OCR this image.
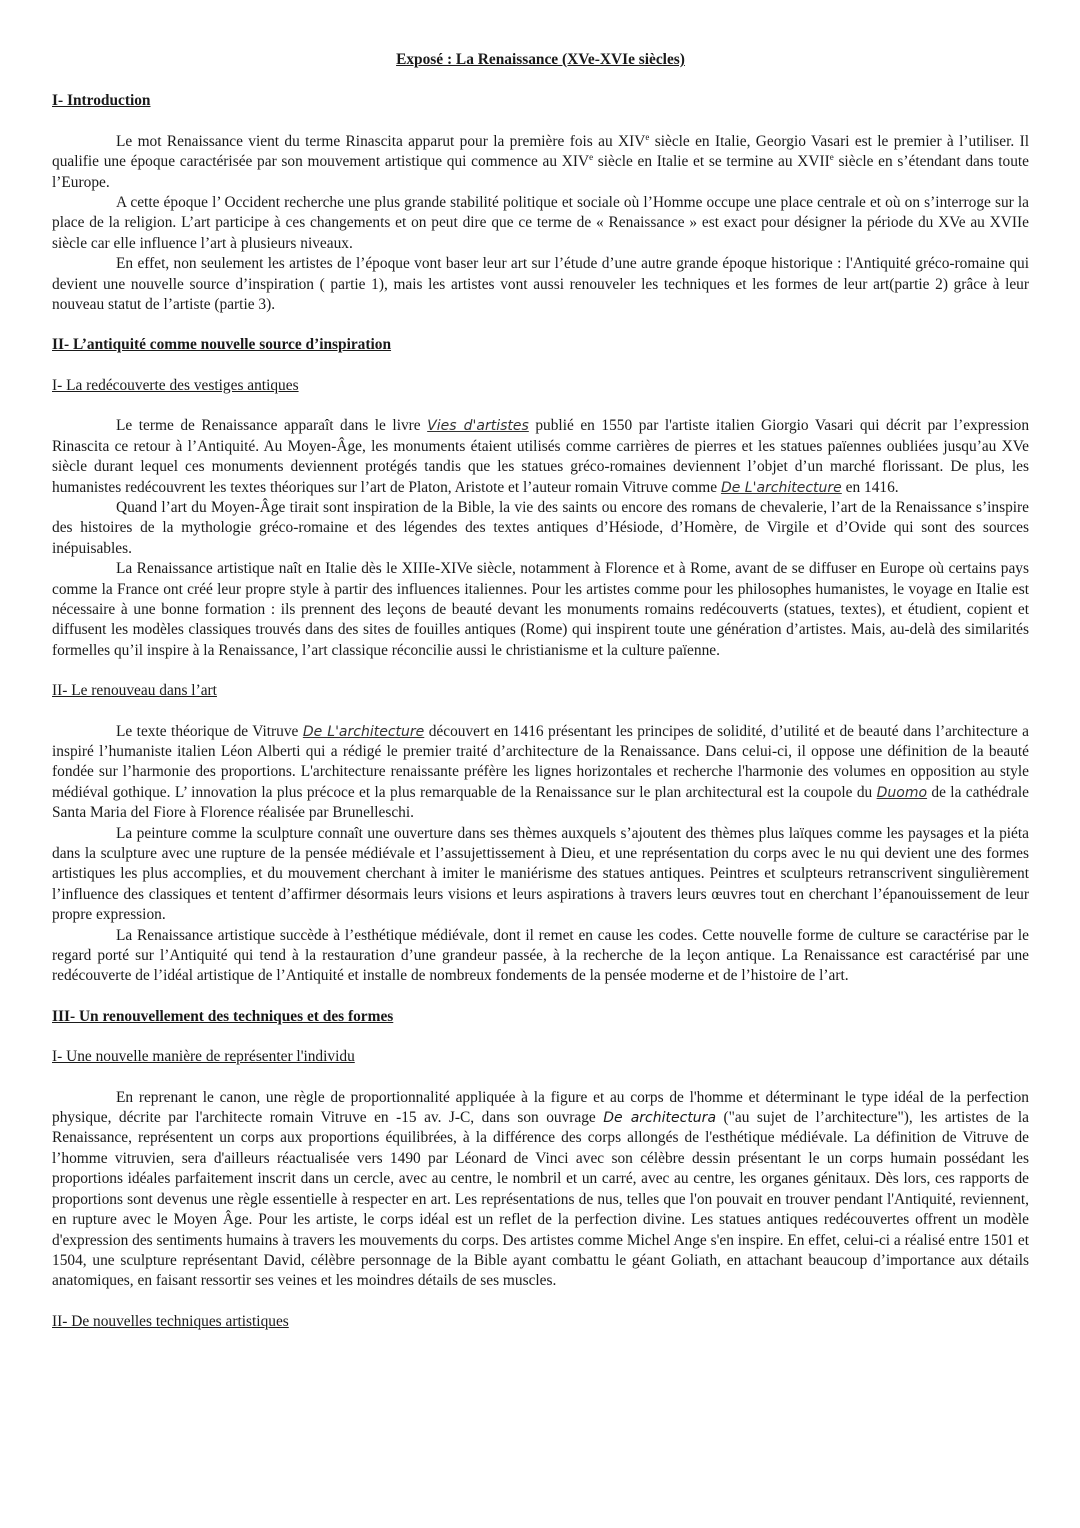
Exposé : La Renaissance (XVe-XVIe siècles)
I- Introduction

Le mot Renaissance vient du terme Rinascita apparut pour la première fois au XIVe siècle en Italie, Georgio Vasari est le premier à l’utiliser. Il qualifie une époque caractérisée par son mouvement artistique qui commence au XIVe siècle en Italie et se termine au XVIIe siècle en s’étendant dans toute l’Europe.

A cette époque l’ Occident recherche une plus grande stabilité politique et sociale où l’Homme occupe une place centrale et où on s’interroge sur la place de la religion. L’art participe à ces changements et on peut dire que ce terme de « Renaissance » est exact pour désigner la période du XVe au XVIIe siècle car elle influence l’art à plusieurs niveaux.

En effet, non seulement les artistes de l’époque vont baser leur art sur l’étude d’une autre grande époque historique : l'Antiquité gréco-romaine qui devient une nouvelle source d’inspiration ( partie 1), mais les artistes vont aussi renouveler les techniques et les formes de leur art(partie 2) grâce à leur nouveau statut de l’artiste (partie 3).

II- L’antiquité comme nouvelle source d’inspiration
I- La redécouverte des vestiges antiques

Le terme de Renaissance apparaît dans le livre Vies d'artistes publié en 1550 par l'artiste italien Giorgio Vasari qui décrit par l’expression Rinascita ce retour à l’Antiquité. Au Moyen-Âge, les monuments étaient utilisés comme carrières de pierres et les statues païennes oubliées jusqu’au XVe siècle durant lequel ces monuments deviennent protégés tandis que les statues gréco-romaines deviennent l’objet d’un marché florissant. De plus, les humanistes redécouvrent les textes théoriques sur l’art de Platon, Aristote et l’auteur romain Vitruve comme De L'architecture en 1416.

Quand l’art du Moyen-Âge tirait sont inspiration de la Bible, la vie des saints ou encore des romans de chevalerie, l’art de la Renaissance s’inspire des histoires de la mythologie gréco-romaine et des légendes des textes antiques d’Hésiode, d’Homère, de Virgile et d’Ovide qui sont des sources inépuisables.

La Renaissance artistique naît en Italie dès le XIIIe-XIVe siècle, notamment à Florence et à Rome, avant de se diffuser en Europe où certains pays comme la France ont créé leur propre style à partir des influences italiennes. Pour les artistes comme pour les philosophes humanistes, le voyage en Italie est nécessaire à une bonne formation : ils prennent des leçons de beauté devant les monuments romains redécouverts (statues, textes), et étudient, copient et diffusent les modèles classiques trouvés dans des sites de fouilles antiques (Rome) qui inspirent toute une génération d’artistes. Mais, au-delà des similarités formelles qu’il inspire à la Renaissance, l’art classique réconcilie aussi le christianisme et la culture païenne.

II- Le renouveau dans l’art

Le texte théorique de Vitruve De L'architecture découvert en 1416 présentant les principes de solidité, d’utilité et de beauté dans l’architecture a inspiré l’humaniste italien Léon Alberti qui a rédigé le premier traité d’architecture de la Renaissance. Dans celui-ci, il oppose une définition de la beauté fondée sur l’harmonie des proportions. L'architecture renaissante préfère les lignes horizontales et recherche l'harmonie des volumes en opposition au style médiéval gothique. L’ innovation la plus précoce et la plus remarquable de la Renaissance sur le plan architectural est la coupole du Duomo de la cathédrale Santa Maria del Fiore à Florence réalisée par Brunelleschi.

La peinture comme la sculpture connaît une ouverture dans ses thèmes auxquels s’ajoutent des thèmes plus laïques comme les paysages et la piéta dans la sculpture avec une rupture de la pensée médiévale et l’assujettissement à Dieu, et une représentation du corps avec le nu qui devient une des formes artistiques les plus accomplies, et du mouvement cherchant à imiter le maniérisme des statues antiques. Peintres et sculpteurs retranscrivent singulièrement l’influence des classiques et tentent d’affirmer désormais leurs visions et leurs aspirations à travers leurs œuvres tout en cherchant l’épanouissement de leur propre expression.

La Renaissance artistique succède à l’esthétique médiévale, dont il remet en cause les codes. Cette nouvelle forme de culture se caractérise par le regard porté sur l’Antiquité qui tend à la restauration d’une grandeur passée, à la recherche de la leçon antique. La Renaissance est caractérisé par une redécouverte de l’idéal artistique de l’Antiquité et installe de nombreux fondements de la pensée moderne et de l’histoire de l’art.

III- Un renouvellement des techniques et des formes
I- Une nouvelle manière de représenter l'individu

En reprenant le canon, une règle de proportionnalité appliquée à la figure et au corps de l'homme et déterminant le type idéal de la perfection physique, décrite par l'architecte romain Vitruve en -15 av. J-C, dans son ouvrage De architectura ("au sujet de l’architecture"), les artistes de la Renaissance, représentent un corps aux proportions équilibrées, à la différence des corps allongés de l'esthétique médiévale. La définition de Vitruve de l’homme vitruvien, sera d'ailleurs réactualisée vers 1490 par Léonard de Vinci avec son célèbre dessin présentant le un corps humain possédant les proportions idéales parfaitement inscrit dans un cercle, avec au centre, le nombril et un carré, avec au centre, les organes génitaux. Dès lors, ces rapports de proportions sont devenus une règle essentielle à respecter en art. Les représentations de nus, telles que l'on pouvait en trouver pendant l'Antiquité, reviennent, en rupture avec le Moyen Âge. Pour les artiste, le corps idéal est un reflet de la perfection divine. Les statues antiques redécouvertes offrent un modèle d'expression des sentiments humains à travers les mouvements du corps. Des artistes comme Michel Ange s'en inspire. En effet, celui-ci a réalisé entre 1501 et 1504, une sculpture représentant David, célèbre personnage de la Bible ayant combattu le géant Goliath, en attachant beaucoup d’importance aux détails anatomiques, en faisant ressortir ses veines et les moindres détails de ses muscles.

II- De nouvelles techniques artistiques
